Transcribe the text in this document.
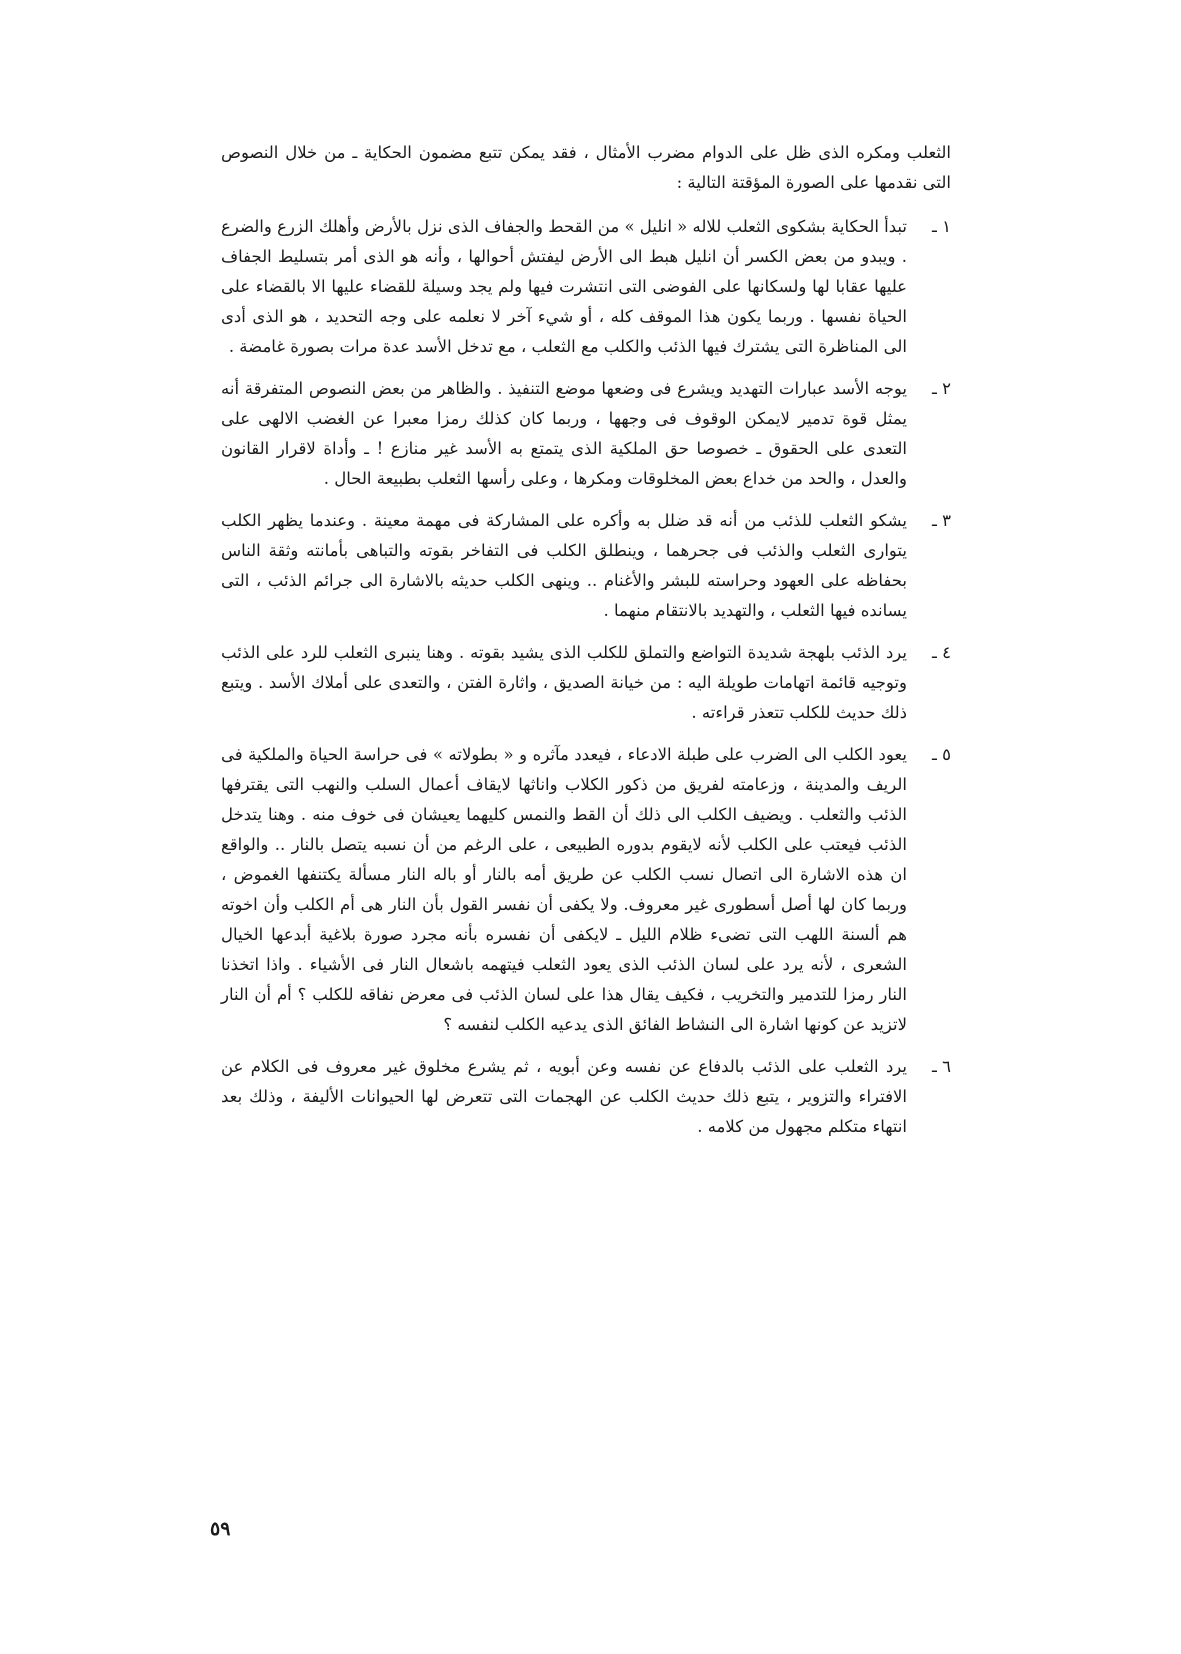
الثعلب ومكره الذى ظل على الدوام مضرب الأمثال ، فقد يمكن تتبع مضمون الحكاية ـ من خلال النصوص التى نقدمها على الصورة المؤقتة التالية :

١ ـ

تبدأ الحكاية بشكوى الثعلب للاله « انليل » من القحط والجفاف الذى نزل بالأرض وأهلك الزرع والضرع . ويبدو من بعض الكسر أن انليل هبط الى الأرض ليفتش أحوالها ، وأنه هو الذى أمر بتسليط الجفاف عليها عقابا لها ولسكانها على الفوضى التى انتشرت فيها ولم يجد وسيلة للقضاء عليها الا بالقضاء على الحياة نفسها . وربما يكون هذا الموقف كله ، أو شيء آخر لا نعلمه على وجه التحديد ، هو الذى أدى الى المناظرة التى يشترك فيها الذئب والكلب مع الثعلب ، مع تدخل الأسد عدة مرات بصورة غامضة .

٢ ـ

يوجه الأسد عبارات التهديد ويشرع فى وضعها موضع التنفيذ . والظاهر من بعض النصوص المتفرقة أنه يمثل قوة تدمير لايمكن الوقوف فى وجهها ، وربما كان كذلك رمزا معبرا عن الغضب الالهى على التعدى على الحقوق ـ خصوصا حق الملكية الذى يتمتع به الأسد غير منازع ! ـ وأداة لاقرار القانون والعدل ، والحد من خداع بعض المخلوقات ومكرها ، وعلى رأسها الثعلب بطبيعة الحال .

٣ ـ

يشكو الثعلب للذئب من أنه قد ضلل به وأكره على المشاركة فى مهمة معينة . وعندما يظهر الكلب يتوارى الثعلب والذئب فى جحرهما ، وينطلق الكلب فى التفاخر بقوته والتباهى بأمانته وثقة الناس بحفاظه على العهود وحراسته للبشر والأغنام .. وينهى الكلب حديثه بالاشارة الى جرائم الذئب ، التى يسانده فيها الثعلب ، والتهديد بالانتقام منهما .

٤ ـ

يرد الذئب بلهجة شديدة التواضع والتملق للكلب الذى يشيد بقوته . وهنا ينبرى الثعلب للرد على الذئب وتوجيه قائمة اتهامات طويلة اليه : من خيانة الصديق ، واثارة الفتن ، والتعدى على أملاك الأسد . ويتبع ذلك حديث للكلب تتعذر قراءته .

٥ ـ

يعود الكلب الى الضرب على طبلة الادعاء ، فيعدد مآثره و « بطولاته » فى حراسة الحياة والملكية فى الريف والمدينة ، وزعامته لفريق من ذكور الكلاب واناثها لايقاف أعمال السلب والنهب التى يقترفها الذئب والثعلب . ويضيف الكلب الى ذلك أن القط والنمس كليهما يعيشان فى خوف منه . وهنا يتدخل الذئب فيعتب على الكلب لأنه لايقوم بدوره الطبيعى ، على الرغم من أن نسبه يتصل بالنار .. والواقع ان هذه الاشارة الى اتصال نسب الكلب عن طريق أمه بالنار أو باله النار مسألة يكتنفها الغموض ، وربما كان لها أصل أسطورى غير معروف. ولا يكفى أن نفسر القول بأن النار هى أم الكلب وأن اخوته هم ألسنة اللهب التى تضىء ظلام الليل ـ لايكفى أن نفسره بأنه مجرد صورة بلاغية أبدعها الخيال الشعرى ، لأنه يرد على لسان الذئب الذى يعود الثعلب فيتهمه باشعال النار فى الأشياء . واذا اتخذنا النار رمزا للتدمير والتخريب ، فكيف يقال هذا على لسان الذئب فى معرض نفاقه للكلب ؟ أم أن النار لاتزيد عن كونها اشارة الى النشاط الفائق الذى يدعيه الكلب لنفسه ؟

٦ ـ

يرد الثعلب على الذئب بالدفاع عن نفسه وعن أبويه ، ثم يشرع مخلوق غير معروف فى الكلام عن الافتراء والتزوير ، يتبع ذلك حديث الكلب عن الهجمات التى تتعرض لها الحيوانات الأليفة ، وذلك بعد انتهاء متكلم مجهول من كلامه .

٥٩
